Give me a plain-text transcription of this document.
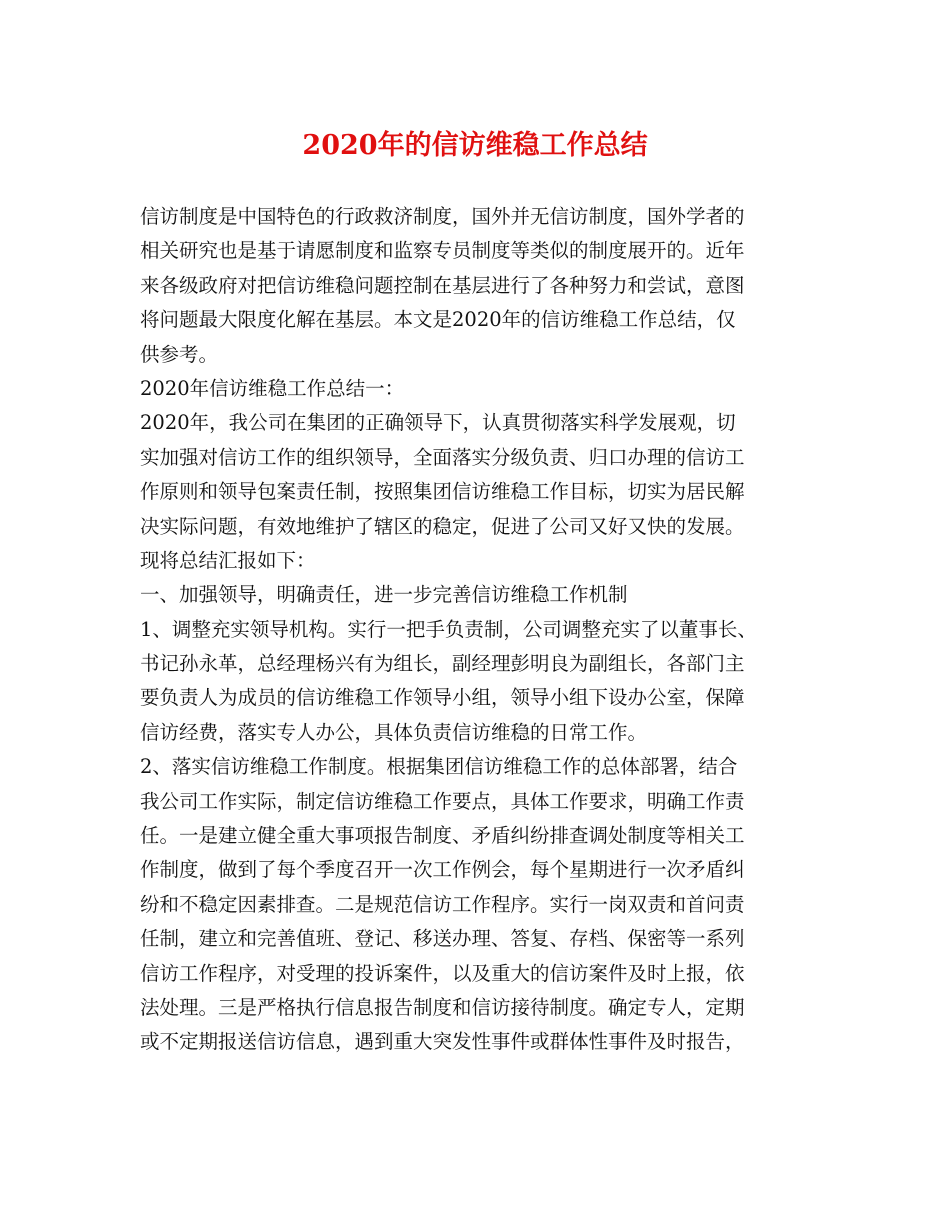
2020年的信访维稳工作总结
信访制度是中国特色的行政救济制度，国外并无信访制度，国外学者的
相关研究也是基于请愿制度和监察专员制度等类似的制度展开的。近年
来各级政府对把信访维稳问题控制在基层进行了各种努力和尝试，意图
将问题最大限度化解在基层。本文是2020年的信访维稳工作总结，仅
供参考。
2020年信访维稳工作总结一：
2020年，我公司在集团的正确领导下，认真贯彻落实科学发展观，切
实加强对信访工作的组织领导，全面落实分级负责、归口办理的信访工
作原则和领导包案责任制，按照集团信访维稳工作目标，切实为居民解
决实际问题，有效地维护了辖区的稳定，促进了公司又好又快的发展。
现将总结汇报如下：
一、加强领导，明确责任，进一步完善信访维稳工作机制
1、调整充实领导机构。实行一把手负责制，公司调整充实了以董事长、
书记孙永革，总经理杨兴有为组长，副经理彭明良为副组长，各部门主
要负责人为成员的信访维稳工作领导小组，领导小组下设办公室，保障
信访经费，落实专人办公，具体负责信访维稳的日常工作。
2、落实信访维稳工作制度。根据集团信访维稳工作的总体部署，结合
我公司工作实际，制定信访维稳工作要点，具体工作要求，明确工作责
任。一是建立健全重大事项报告制度、矛盾纠纷排查调处制度等相关工
作制度，做到了每个季度召开一次工作例会，每个星期进行一次矛盾纠
纷和不稳定因素排查。二是规范信访工作程序。实行一岗双责和首问责
任制，建立和完善值班、登记、移送办理、答复、存档、保密等一系列
信访工作程序，对受理的投诉案件，以及重大的信访案件及时上报，依
法处理。三是严格执行信息报告制度和信访接待制度。确定专人，定期
或不定期报送信访信息，遇到重大突发性事件或群体性事件及时报告，
